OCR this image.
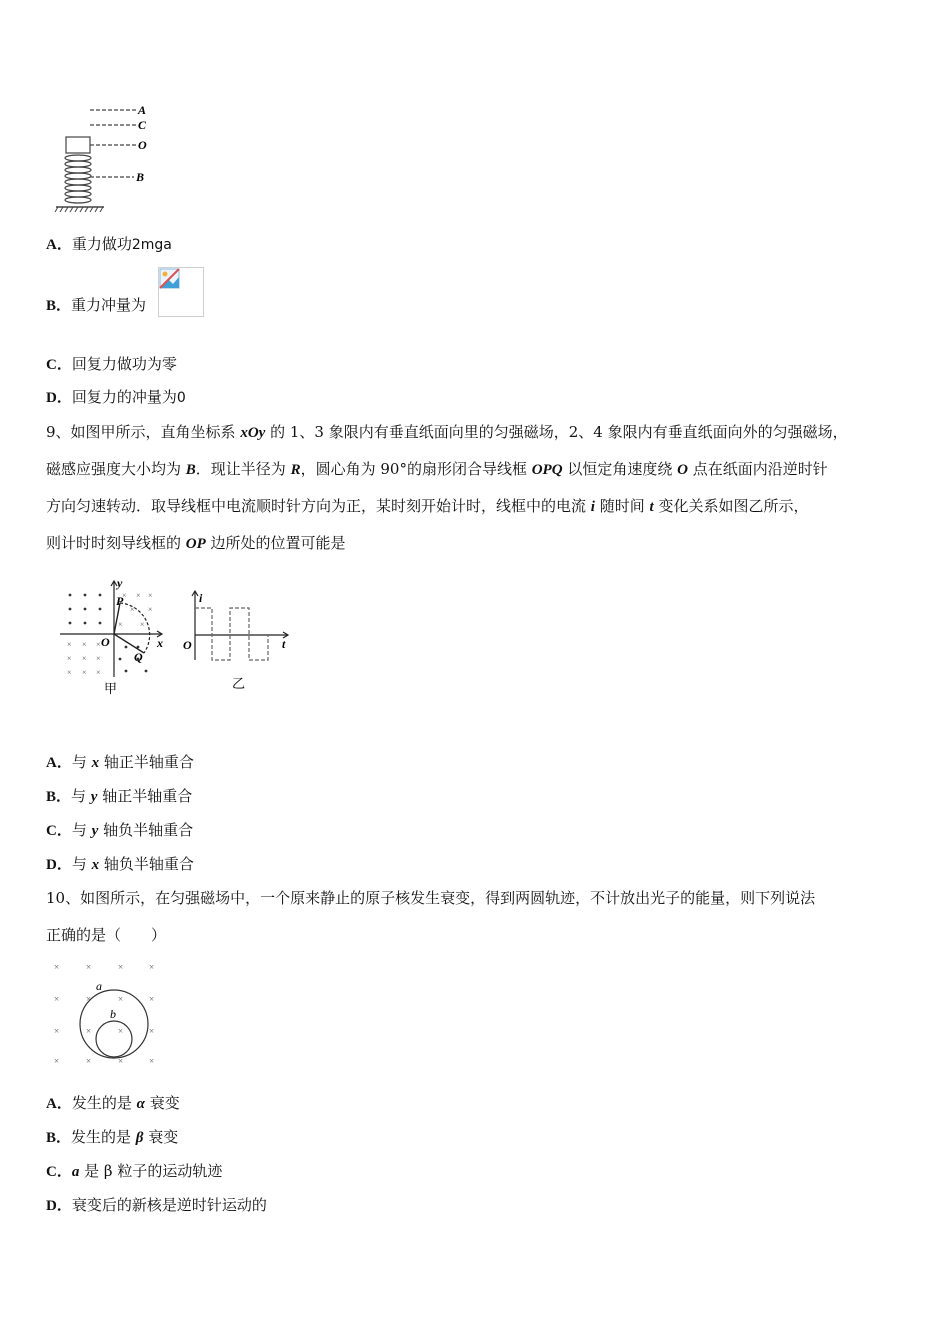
A
C
O
B
A．重力做功2mga
B．重力冲量为
C．回复力做功为零
D．回复力的冲量为0
9、如图甲所示，直角坐标系 xOy 的 1、3 象限内有垂直纸面向里的匀强磁场，2、4 象限内有垂直纸面向外的匀强磁场，
磁感应强度大小均为 B．现让半径为 R，圆心角为 90°的扇形闭合导线框 OPQ 以恒定角速度绕 O 点在纸面内沿逆时针
方向匀速转动．取导线框中电流顺时针方向为正，某时刻开始计时，线框中的电流 i 随时间 t 变化关系如图乙所示，
则计时时刻导线框的 OP 边所处的位置可能是
× × ×
× ×
× ×
× × ×
× × ×
× × ×
O	x
y
P
Q
甲
O
i
t
乙
A．与 x 轴正半轴重合
B．与 y 轴正半轴重合
C．与 y 轴负半轴重合
D．与 x 轴负半轴重合
10、如图所示，在匀强磁场中，一个原来静止的原子核发生衰变，得到两圆轨迹，不计放出光子的能量，则下列说法
正确的是（　　）
×	×	×	×
×	×	×	×
×	×	×	×
×	×	×	×
a
b
A．发生的是 α 衰变
B．发生的是 β 衰变
C．a 是 β 粒子的运动轨迹
D．衰变后的新核是逆时针运动的
